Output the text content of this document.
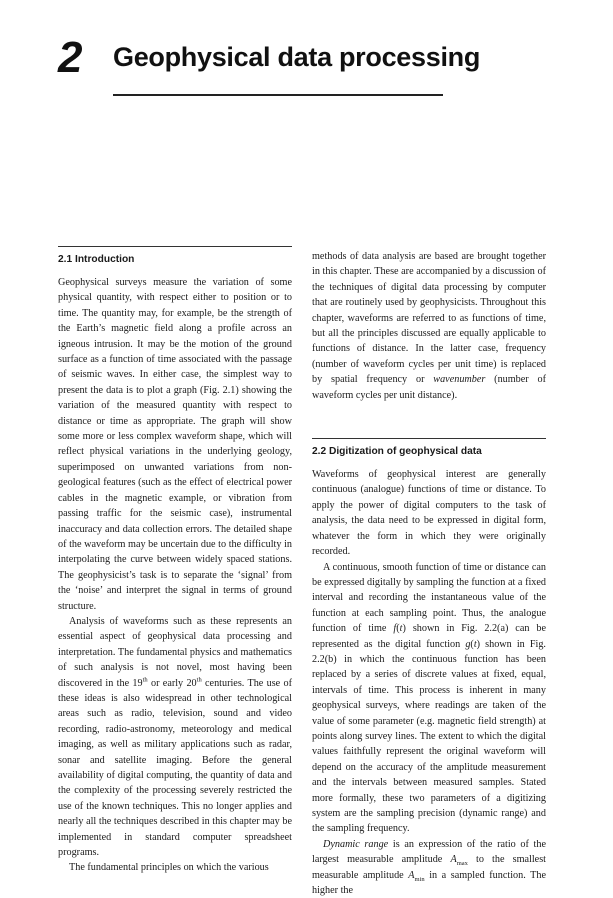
2 Geophysical data processing
2.1 Introduction

Geophysical surveys measure the variation of some physical quantity, with respect either to position or to time. The quantity may, for example, be the strength of the Earth’s magnetic field along a profile across an igneous intrusion. It may be the motion of the ground surface as a function of time associated with the passage of seismic waves. In either case, the simplest way to present the data is to plot a graph (Fig. 2.1) showing the variation of the measured quantity with respect to distance or time as appropriate. The graph will show some more or less complex waveform shape, which will reflect physical variations in the underlying geology, superimposed on unwanted variations from non-geological features (such as the effect of electrical power cables in the magnetic example, or vibration from passing traffic for the seismic case), instrumental inaccuracy and data collection errors. The detailed shape of the waveform may be uncertain due to the difficulty in interpolating the curve between widely spaced stations. The geophysicist’s task is to separate the ‘signal’ from the ‘noise’ and interpret the signal in terms of ground structure.

Analysis of waveforms such as these represents an essential aspect of geophysical data processing and interpretation. The fundamental physics and mathematics of such analysis is not novel, most having been discovered in the 19th or early 20th centuries. The use of these ideas is also widespread in other technological areas such as radio, television, sound and video recording, radio-astronomy, meteorology and medical imaging, as well as military applications such as radar, sonar and satellite imaging. Before the general availability of digital computing, the quantity of data and the complexity of the processing severely restricted the use of the known techniques. This no longer applies and nearly all the techniques described in this chapter may be implemented in standard computer spreadsheet programs.

The fundamental principles on which the various

methods of data analysis are based are brought together in this chapter. These are accompanied by a discussion of the techniques of digital data processing by computer that are routinely used by geophysicists. Throughout this chapter, waveforms are referred to as functions of time, but all the principles discussed are equally applicable to functions of distance. In the latter case, frequency (number of waveform cycles per unit time) is replaced by spatial frequency or wavenumber (number of waveform cycles per unit distance).

2.2 Digitization of geophysical data

Waveforms of geophysical interest are generally continuous (analogue) functions of time or distance. To apply the power of digital computers to the task of analysis, the data need to be expressed in digital form, whatever the form in which they were originally recorded.

A continuous, smooth function of time or distance can be expressed digitally by sampling the function at a fixed interval and recording the instantaneous value of the function at each sampling point. Thus, the analogue function of time f(t) shown in Fig. 2.2(a) can be represented as the digital function g(t) shown in Fig. 2.2(b) in which the continuous function has been replaced by a series of discrete values at fixed, equal, intervals of time. This process is inherent in many geophysical surveys, where readings are taken of the value of some parameter (e.g. magnetic field strength) at points along survey lines. The extent to which the digital values faithfully represent the original waveform will depend on the accuracy of the amplitude measurement and the intervals between measured samples. Stated more formally, these two parameters of a digitizing system are the sampling precision (dynamic range) and the sampling frequency.

Dynamic range is an expression of the ratio of the largest measurable amplitude $A_{max}$ to the smallest measurable amplitude $A_{min}$ in a sampled function. The higher the
